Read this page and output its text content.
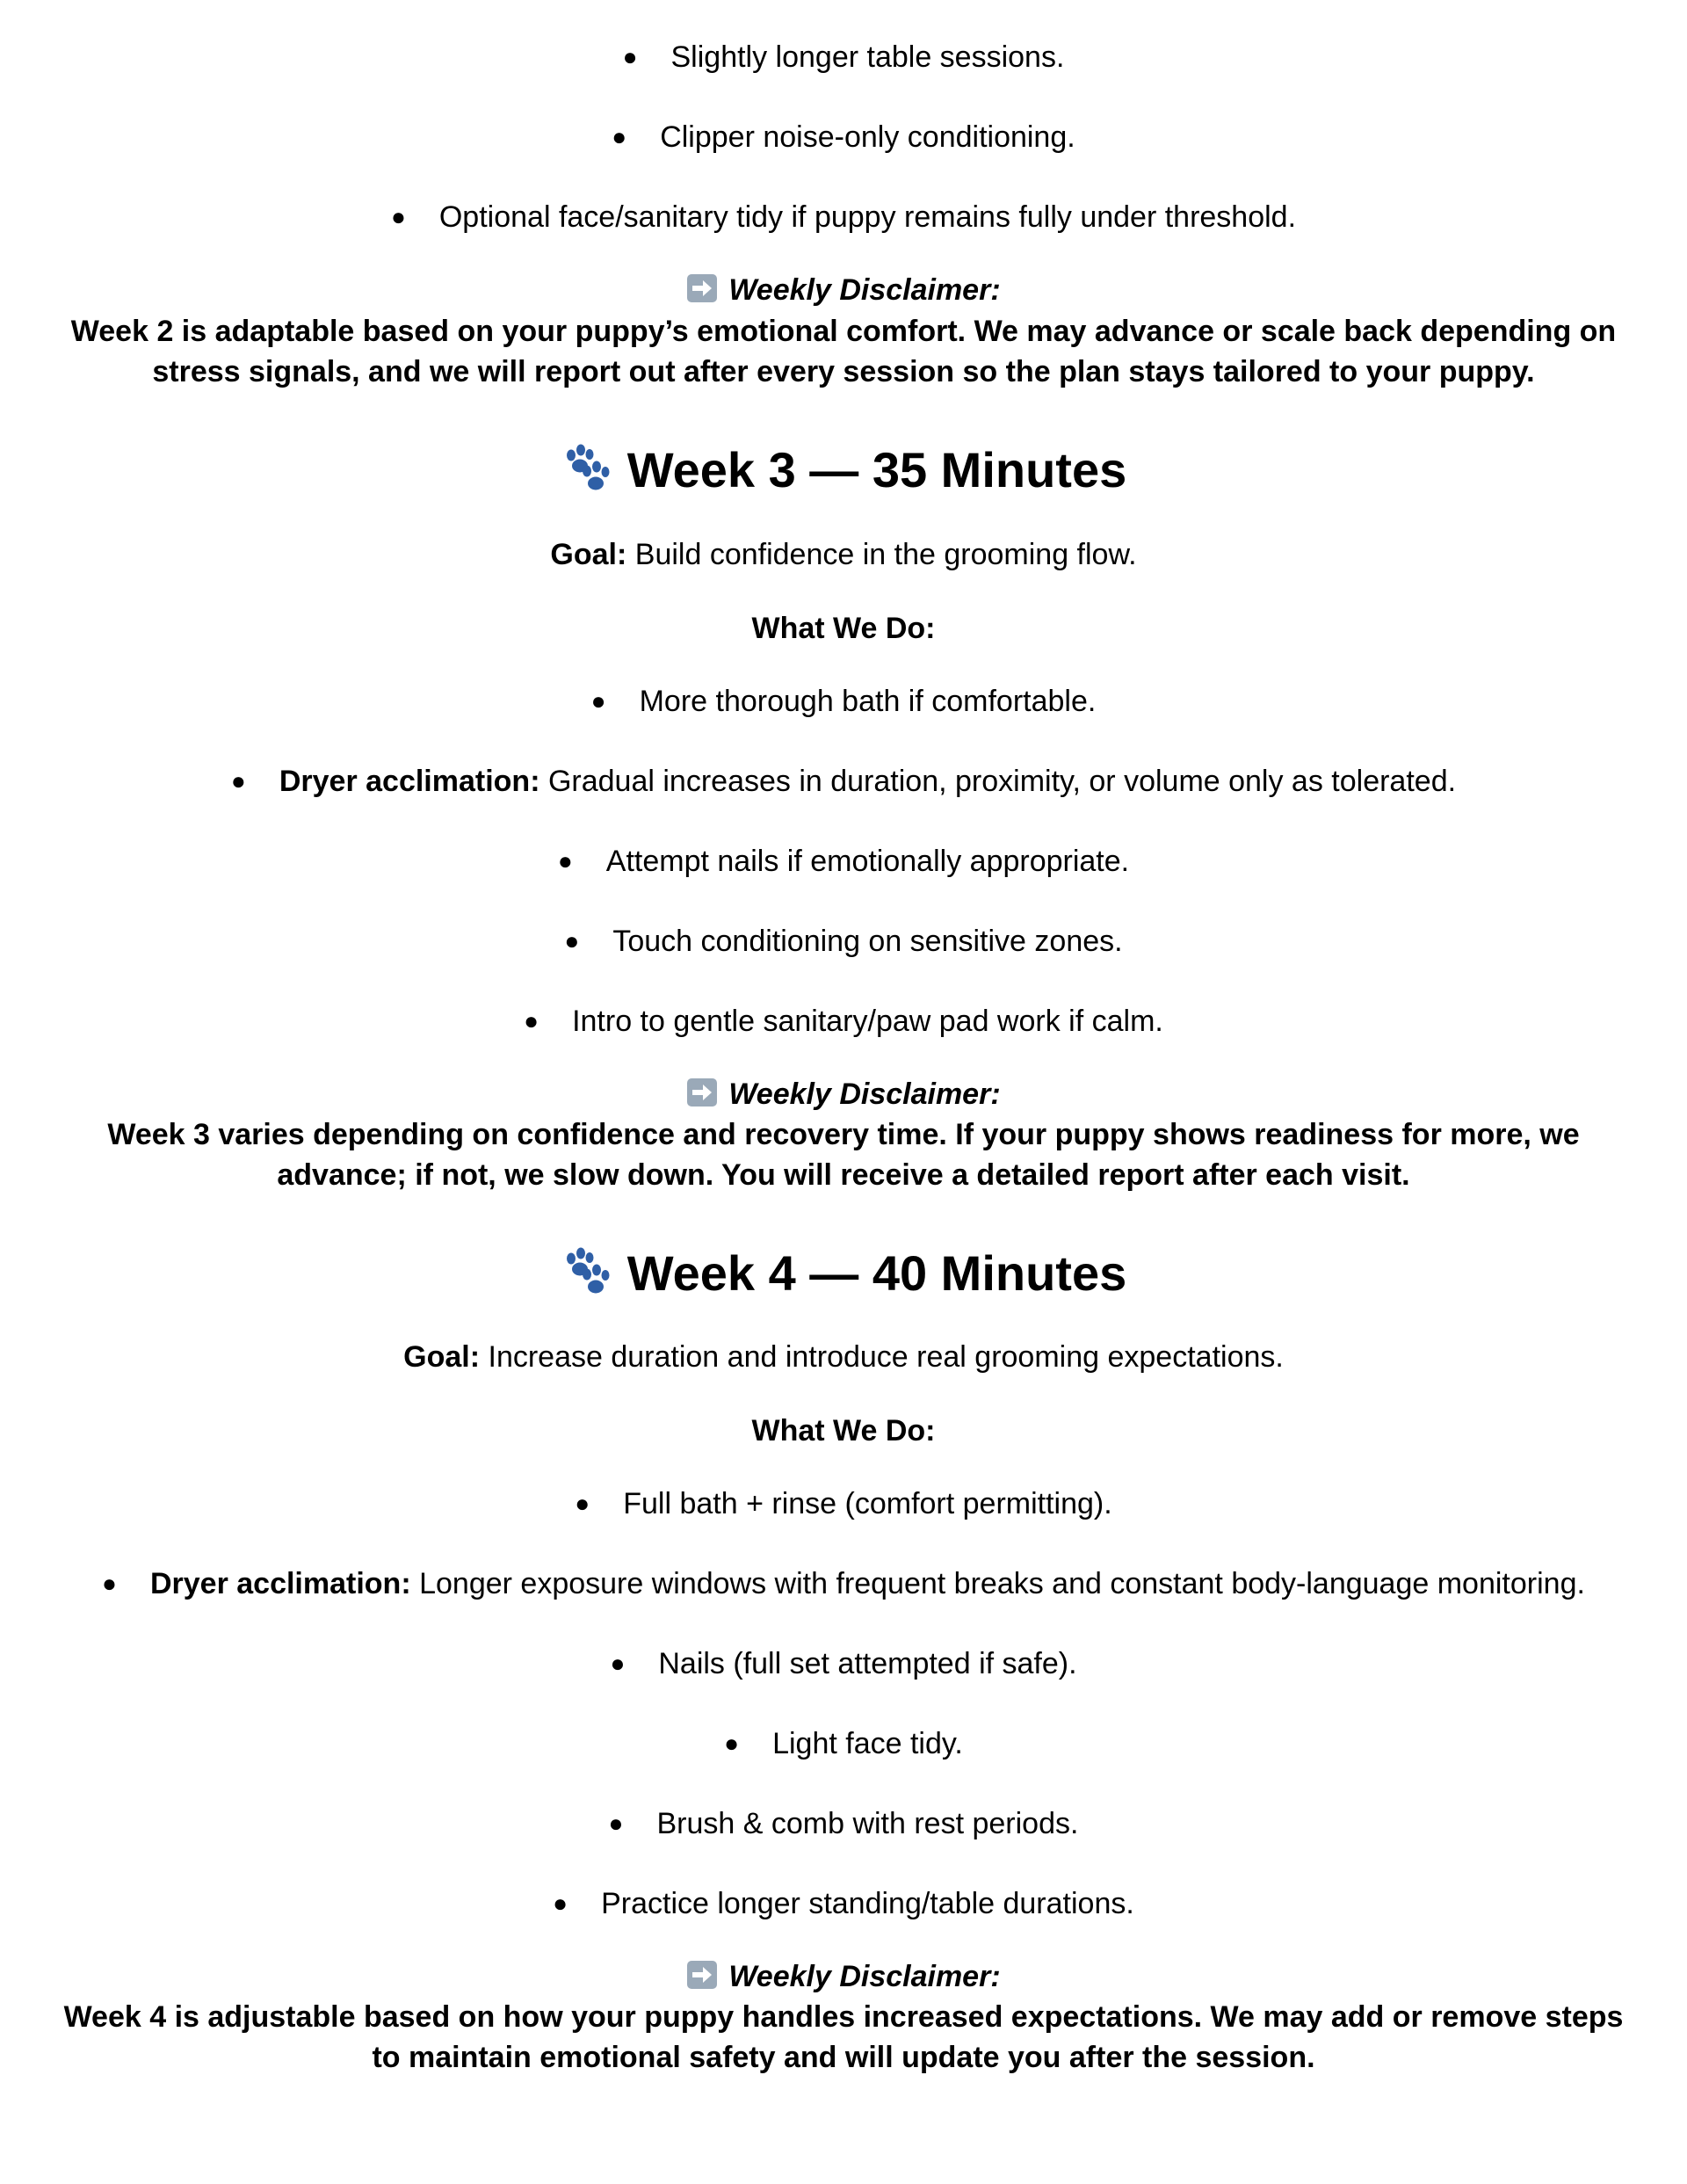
● Slightly longer table sessions.
● Clipper noise-only conditioning.
● Optional face/sanitary tidy if puppy remains fully under threshold.
Weekly Disclaimer:
Week 2 is adaptable based on your puppy’s emotional comfort. We may advance or scale back depending on
stress signals, and we will report out after every session so the plan stays tailored to your puppy.
Week 3 — 35 Minutes
Goal: Build confidence in the grooming flow.
What We Do:
● More thorough bath if comfortable.
● Dryer acclimation: Gradual increases in duration, proximity, or volume only as tolerated.
● Attempt nails if emotionally appropriate.
● Touch conditioning on sensitive zones.
● Intro to gentle sanitary/paw pad work if calm.
Weekly Disclaimer:
Week 3 varies depending on confidence and recovery time. If your puppy shows readiness for more, we
advance; if not, we slow down. You will receive a detailed report after each visit.
Week 4 — 40 Minutes
Goal: Increase duration and introduce real grooming expectations.
What We Do:
● Full bath + rinse (comfort permitting).
● Dryer acclimation: Longer exposure windows with frequent breaks and constant body-language monitoring.
● Nails (full set attempted if safe).
● Light face tidy.
● Brush & comb with rest periods.
● Practice longer standing/table durations.
Weekly Disclaimer:
Week 4 is adjustable based on how your puppy handles increased expectations. We may add or remove steps
to maintain emotional safety and will update you after the session.
